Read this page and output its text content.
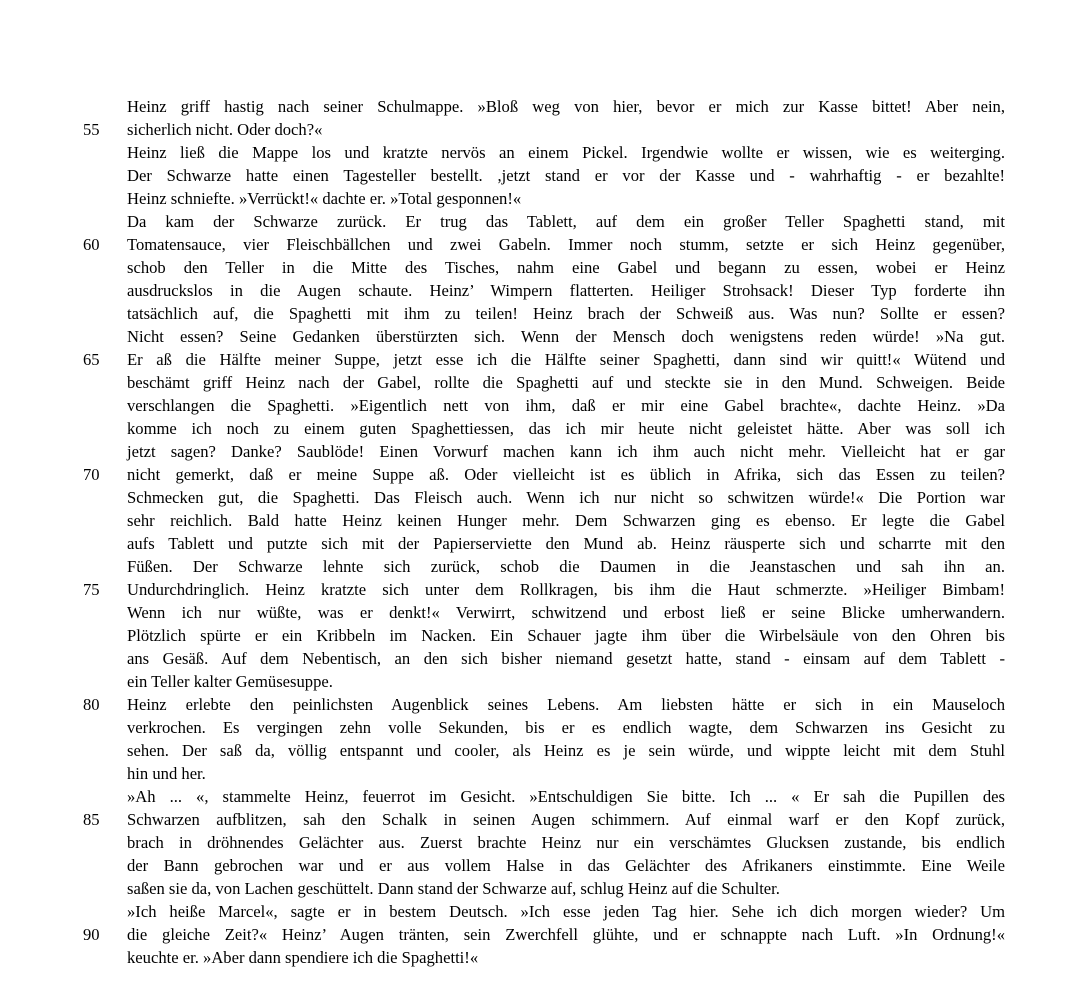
Heinz griff hastig nach seiner Schulmappe. »Bloß weg von hier, bevor er mich zur Kasse bittet! Aber nein,
55	sicherlich nicht. Oder doch?«
Heinz ließ die Mappe los und kratzte nervös an einem Pickel. Irgendwie wollte er wissen, wie es weiterging.
Der Schwarze hatte einen Tagesteller bestellt. ,jetzt stand er vor der Kasse und - wahrhaftig - er bezahlte!
Heinz schniefte. »Verrückt!« dachte er. »Total gesponnen!«
Da kam der Schwarze zurück. Er trug das Tablett, auf dem ein großer Teller Spaghetti stand, mit
60	Tomatensauce, vier Fleischbällchen und zwei Gabeln. Immer noch stumm, setzte er sich Heinz gegenüber,
schob den Teller in die Mitte des Tisches, nahm eine Gabel und begann zu essen, wobei er Heinz
ausdruckslos in die Augen schaute. Heinz’ Wimpern flatterten. Heiliger Strohsack! Dieser Typ forderte ihn
tatsächlich auf, die Spaghetti mit ihm zu teilen! Heinz brach der Schweiß aus. Was nun? Sollte er essen?
Nicht essen? Seine Gedanken überstürzten sich. Wenn der Mensch doch wenigstens reden würde! »Na gut.
65	Er aß die Hälfte meiner Suppe, jetzt esse ich die Hälfte seiner Spaghetti, dann sind wir quitt!« Wütend und
beschämt griff Heinz nach der Gabel, rollte die Spaghetti auf und steckte sie in den Mund. Schweigen. Beide
verschlangen die Spaghetti. »Eigentlich nett von ihm, daß er mir eine Gabel brachte«, dachte Heinz. »Da
komme ich noch zu einem guten Spaghettiessen, das ich mir heute nicht geleistet hätte. Aber was soll ich
jetzt sagen? Danke? Saublöde! Einen Vorwurf machen kann ich ihm auch nicht mehr. Vielleicht hat er gar
70	nicht gemerkt, daß er meine Suppe aß. Oder vielleicht ist es üblich in Afrika, sich das Essen zu teilen?
Schmecken gut, die Spaghetti. Das Fleisch auch. Wenn ich nur nicht so schwitzen würde!« Die Portion war
sehr reichlich. Bald hatte Heinz keinen Hunger mehr. Dem Schwarzen ging es ebenso. Er legte die Gabel
aufs Tablett und putzte sich mit der Papierserviette den Mund ab. Heinz räusperte sich und scharrte mit den
Füßen. Der Schwarze lehnte sich zurück, schob die Daumen in die Jeanstaschen und sah ihn an.
75	Undurchdringlich. Heinz kratzte sich unter dem Rollkragen, bis ihm die Haut schmerzte. »Heiliger Bimbam!
Wenn ich nur wüßte, was er denkt!« Verwirrt, schwitzend und erbost ließ er seine Blicke umherwandern.
Plötzlich spürte er ein Kribbeln im Nacken. Ein Schauer jagte ihm über die Wirbelsäule von den Ohren bis
ans Gesäß. Auf dem Nebentisch, an den sich bisher niemand gesetzt hatte, stand - einsam auf dem Tablett -
ein Teller kalter Gemüsesuppe.
80	Heinz erlebte den peinlichsten Augenblick seines Lebens. Am liebsten hätte er sich in ein Mauseloch
verkrochen. Es vergingen zehn volle Sekunden, bis er es endlich wagte, dem Schwarzen ins Gesicht zu
sehen. Der saß da, völlig entspannt und cooler, als Heinz es je sein würde, und wippte leicht mit dem Stuhl
hin und her.
»Ah ... «, stammelte Heinz, feuerrot im Gesicht. »Entschuldigen Sie bitte. Ich ... « Er sah die Pupillen des
85	Schwarzen aufblitzen, sah den Schalk in seinen Augen schimmern. Auf einmal warf er den Kopf zurück,
brach in dröhnendes Gelächter aus. Zuerst brachte Heinz nur ein verschämtes Glucksen zustande, bis endlich
der Bann gebrochen war und er aus vollem Halse in das Gelächter des Afrikaners einstimmte. Eine Weile
saßen sie da, von Lachen geschüttelt. Dann stand der Schwarze auf, schlug Heinz auf die Schulter.
»Ich heiße Marcel«, sagte er in bestem Deutsch. »Ich esse jeden Tag hier. Sehe ich dich morgen wieder? Um
90	die gleiche Zeit?« Heinz’ Augen tränten, sein Zwerchfell glühte, und er schnappte nach Luft. »In Ordnung!«
keuchte er. »Aber dann spendiere ich die Spaghetti!«
